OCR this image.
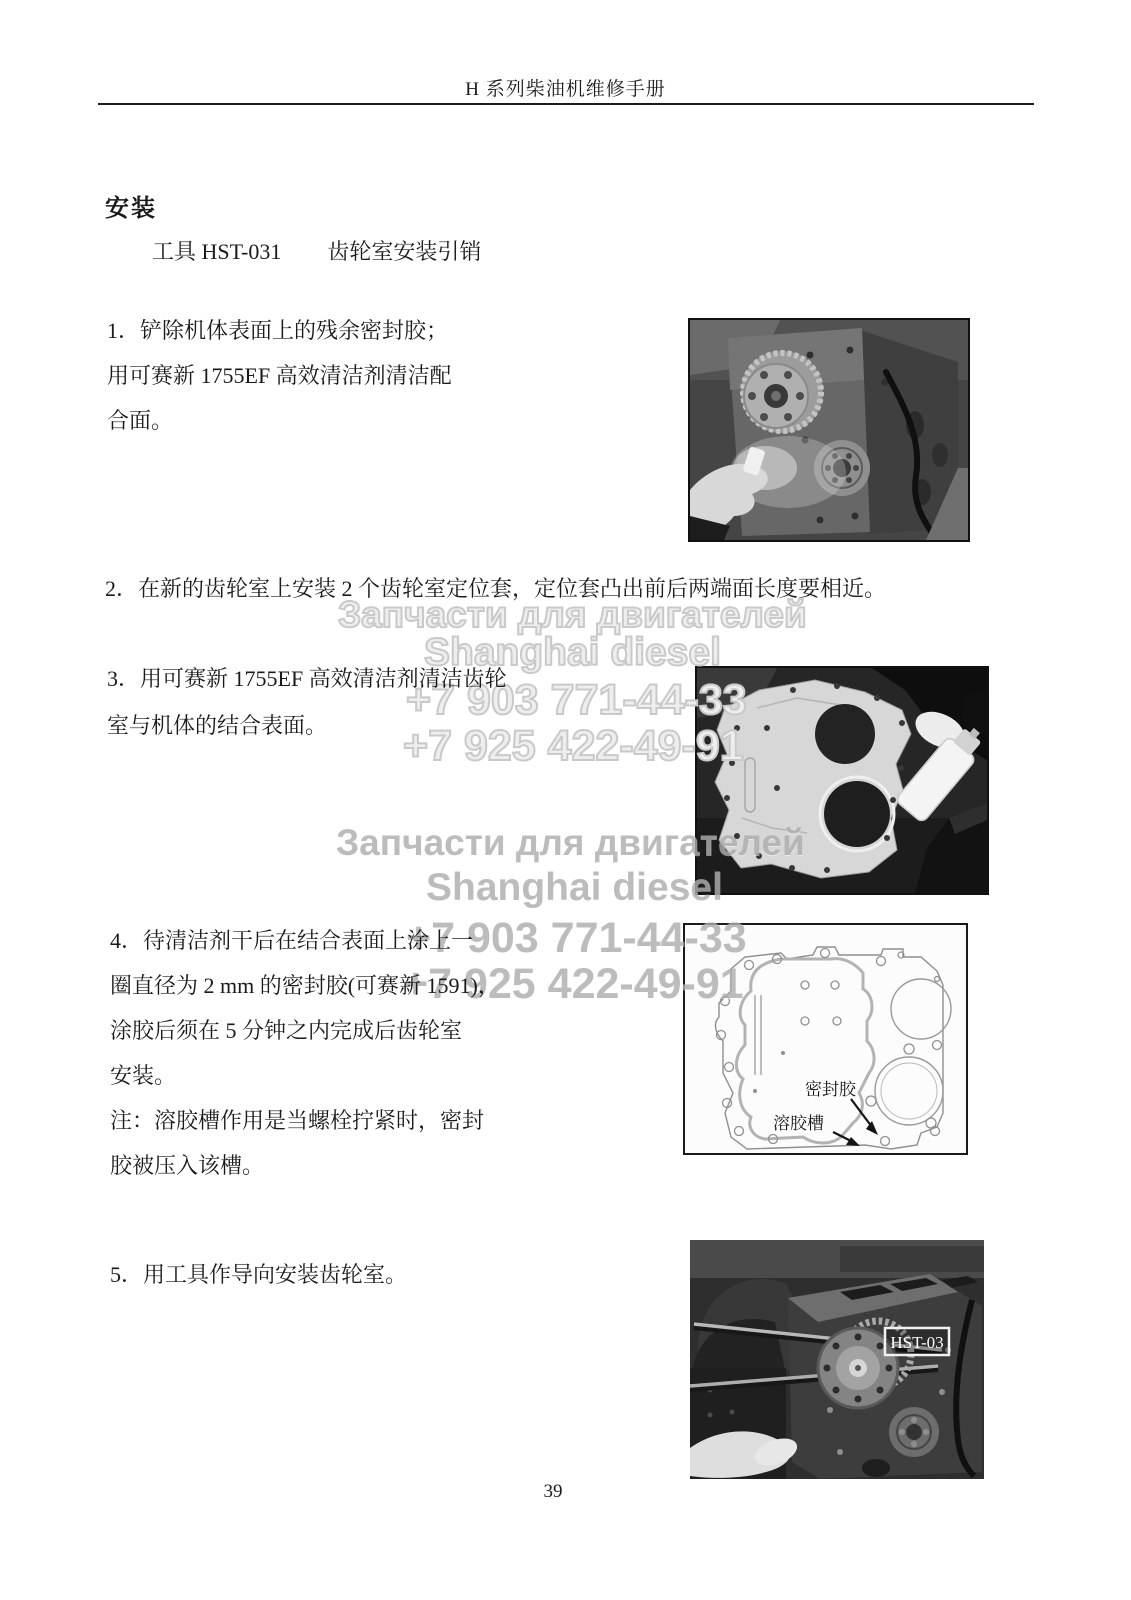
H 系列柴油机维修手册
安装
工具 HST-031 齿轮室安装引销
1．铲除机体表面上的残余密封胶；
用可赛新 1755EF 高效清洁剂清洁配
合面。
2．在新的齿轮室上安装 2 个齿轮室定位套，定位套凸出前后两端面长度要相近。
3．用可赛新 1755EF 高效清洁剂清洁齿轮
室与机体的结合表面。
4．待清洁剂干后在结合表面上涂上一
圈直径为 2 mm 的密封胶(可赛新 1591)，
涂胶后须在 5 分钟之内完成后齿轮室
安装。
注：溶胶槽作用是当螺栓拧紧时，密封
胶被压入该槽。
5．用工具作导向安装齿轮室。
Запчасти для двигателей
Shanghai diesel
+7 903 771-44-33
+7 925 422-49-91
Запчасти для двигателей
Shanghai diesel
+7 903 771-44-33
+7 925 422-49-91
密封胶
溶胶槽
HST-03
39
